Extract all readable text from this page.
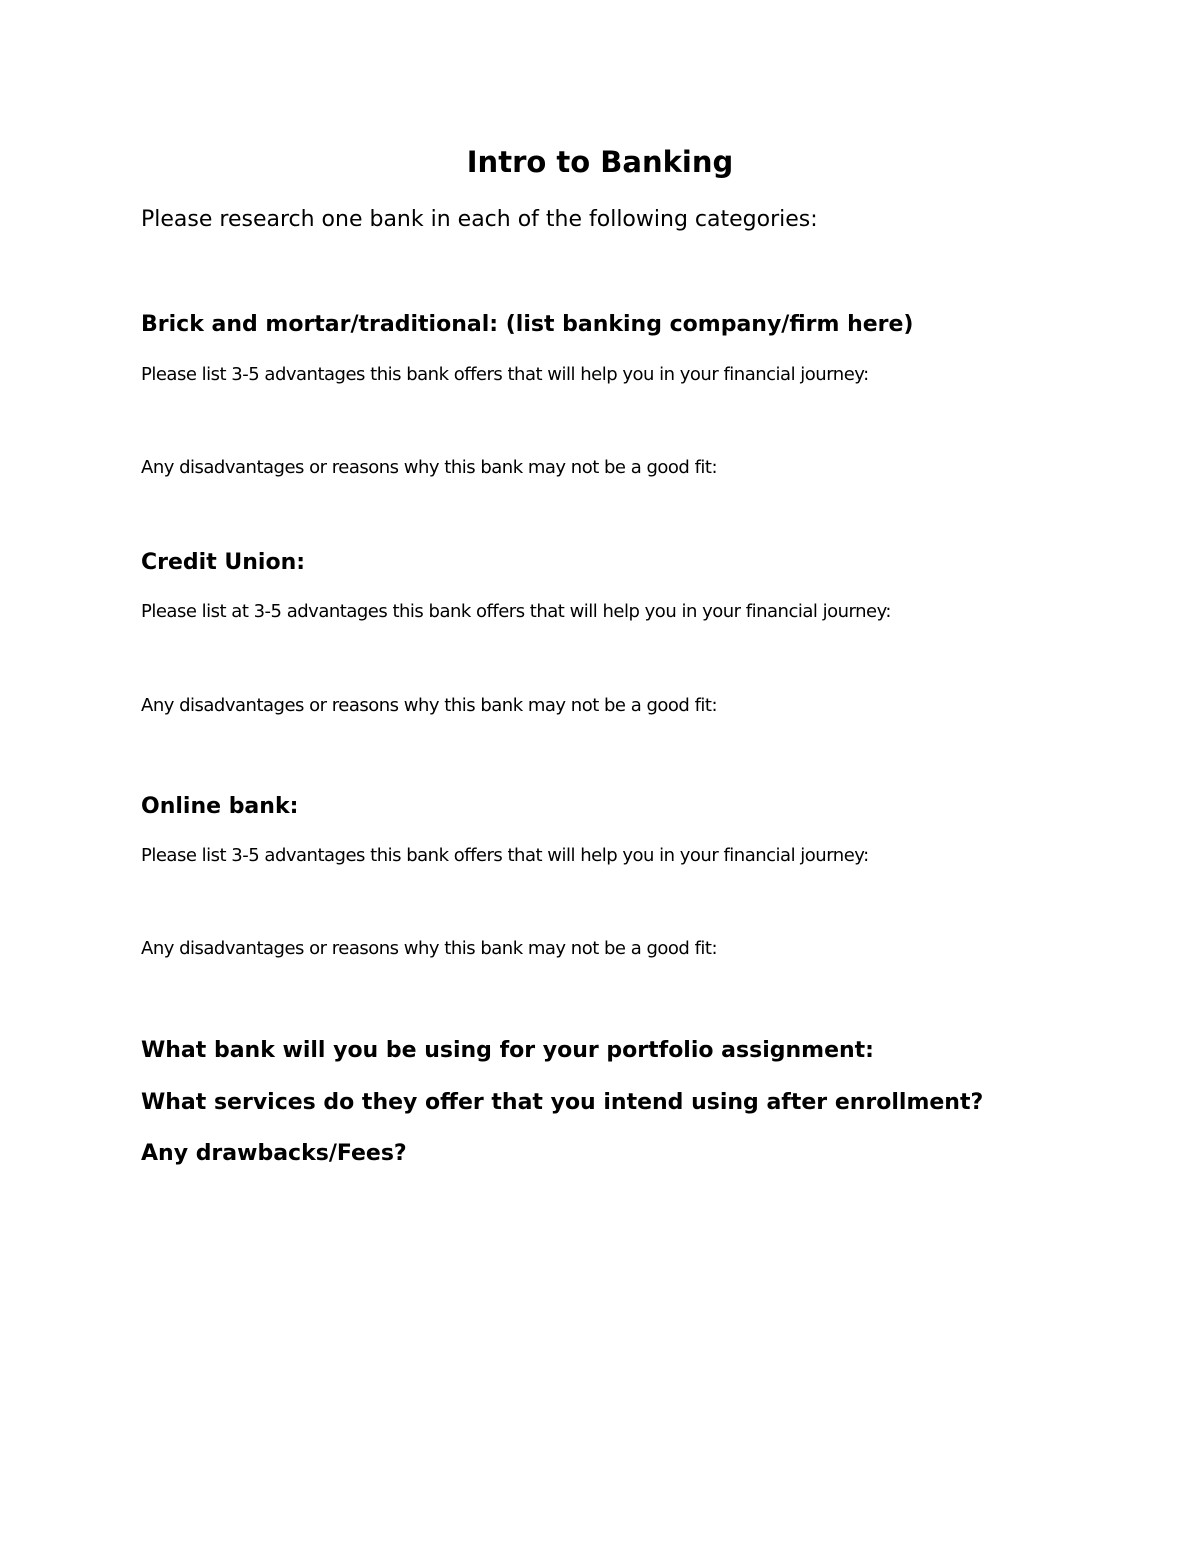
Intro to Banking
Please research one bank in each of the following categories:
Brick and mortar/traditional: (list banking company/firm here)
Please list 3-5 advantages this bank offers that will help you in your financial journey:
Any disadvantages or reasons why this bank may not be a good fit:
Credit Union:
Please list at 3-5 advantages this bank offers that will help you in your financial journey:
Any disadvantages or reasons why this bank may not be a good fit:
Online bank:
Please list 3-5 advantages this bank offers that will help you in your financial journey:
Any disadvantages or reasons why this bank may not be a good fit:
What bank will you be using for your portfolio assignment:
What services do they offer that you intend using after enrollment?
Any drawbacks/Fees?
